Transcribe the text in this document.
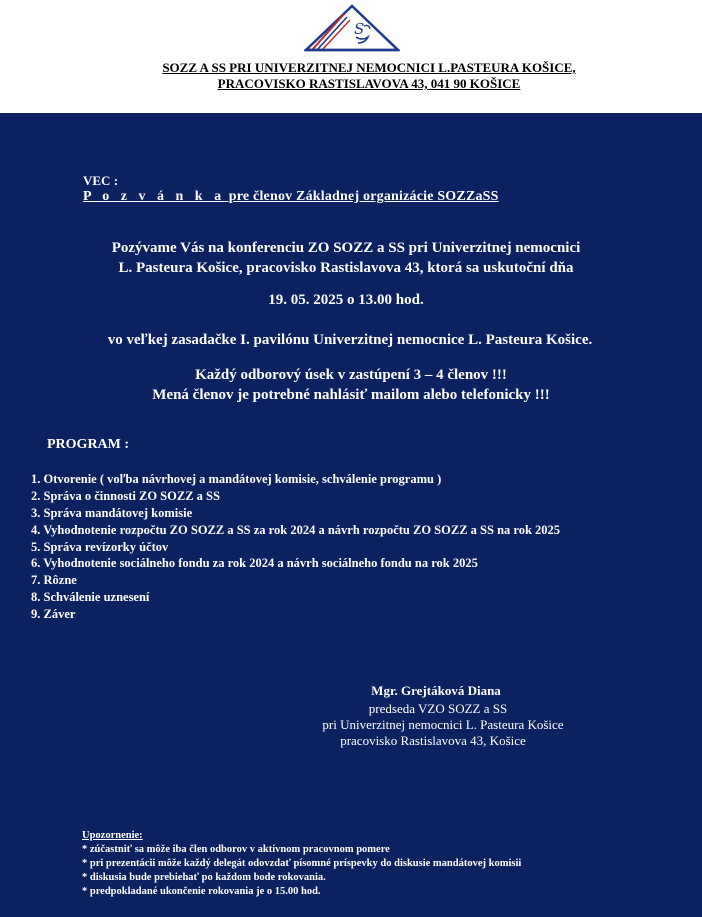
S
SOZZ A SS PRI UNIVERZITNEJ NEMOCNICI L.PASTEURA KOŠICE,
PRACOVISKO RASTISLAVOVA 43, 041 90 KOŠICE
VEC :
P o z v á n k a pre členov Základnej organizácie SOZZaSS
Pozývame Vás na konferenciu ZO SOZZ a SS pri Univerzitnej nemocnici
L. Pasteura Košice, pracovisko Rastislavova 43, ktorá sa uskutoční dňa
19. 05. 2025 o 13.00 hod.
vo veľkej zasadačke I. pavilónu Univerzitnej nemocnice L. Pasteura Košice.
Každý odborový úsek v zastúpení 3 – 4 členov !!!
Mená členov je potrebné nahlásiť mailom alebo telefonicky !!!
PROGRAM :
1. Otvorenie ( voľba návrhovej a mandátovej komisie, schválenie programu )
2. Správa o činnosti ZO SOZZ a SS
3. Správa mandátovej komisie
4. Vyhodnotenie rozpočtu ZO SOZZ a SS za rok 2024 a návrh rozpočtu ZO SOZZ a SS na rok 2025
5. Správa revízorky účtov
6. Vyhodnotenie sociálneho fondu za rok 2024 a návrh sociálneho fondu na rok 2025
7. Rôzne
8. Schválenie uznesení
9. Záver
Mgr. Grejtáková Diana
predseda VZO SOZZ a SS
pri Univerzitnej nemocnici L. Pasteura Košice
pracovisko Rastislavova 43, Košice
Upozornenie:
* zúčastniť sa môže iba člen odborov v aktívnom pracovnom pomere
* pri prezentácii môže každý delegát odovzdať písomné príspevky do diskusie mandátovej komisii
* diskusia bude prebiehať po každom bode rokovania.
* predpokladané ukončenie rokovania je o 15.00 hod.
